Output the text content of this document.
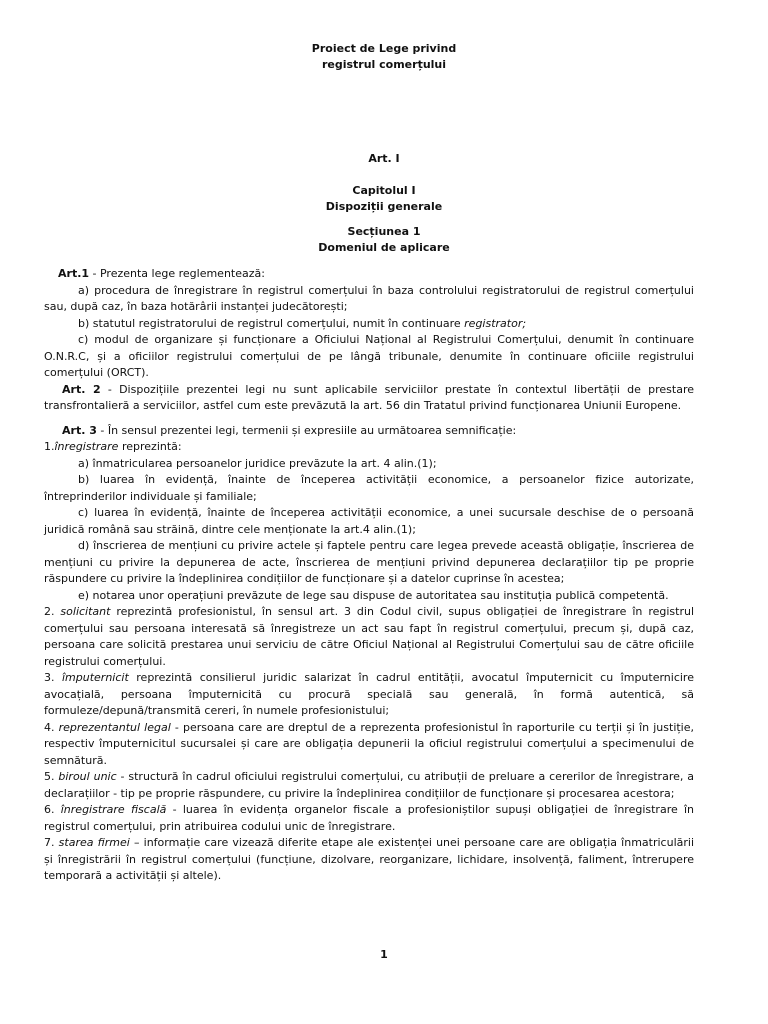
Proiect de Lege privind

registrul comerțului

Art. I

Capitolul I

Dispoziții generale

Secțiunea 1

Domeniul de aplicare

Art.1 - Prezenta lege reglementează:

a) procedura de înregistrare în registrul comerțului în baza controlului registratorului de registrul comerțului sau, după caz, în baza hotărârii instanței judecătorești;

b) statutul registratorului de registrul comerțului, numit în continuare registrator;

c) modul de organizare și funcționare a Oficiului Național al Registrului Comerțului, denumit în continuare O.N.R.C, și a oficiilor registrului comerțului de pe lângă tribunale, denumite în continuare oficiile registrului comerțului (ORCT).

Art. 2 - Dispozițiile prezentei legi nu sunt aplicabile serviciilor prestate în contextul libertății de prestare transfrontalieră a serviciilor, astfel cum este prevăzută la art. 56 din Tratatul privind funcționarea Uniunii Europene.

Art. 3 - În sensul prezentei legi, termenii și expresiile au următoarea semnificație:

1.înregistrare reprezintă:

a) înmatricularea persoanelor juridice prevăzute la art. 4 alin.(1);

b) luarea în evidență, înainte de începerea activității economice, a persoanelor fizice autorizate, întreprinderilor individuale și familiale;

c) luarea în evidență, înainte de începerea activității economice, a unei sucursale deschise de o persoană juridică română sau străină, dintre cele menționate la art.4 alin.(1);

d) înscrierea de mențiuni cu privire actele și faptele pentru care legea prevede această obligație, înscrierea de mențiuni cu privire la depunerea de acte, înscrierea de mențiuni privind depunerea declarațiilor tip pe proprie răspundere cu privire la îndeplinirea condițiilor de funcționare și a datelor cuprinse în acestea;

e) notarea unor operațiuni prevăzute de lege sau dispuse de autoritatea sau instituția publică competentă.

2. solicitant reprezintă profesionistul, în sensul art. 3 din Codul civil, supus obligației de înregistrare în registrul comerțului sau persoana interesată să înregistreze un act sau fapt în registrul comerțului, precum și, după caz, persoana care solicită prestarea unui serviciu de către Oficiul Național al Registrului Comerțului sau de către oficiile registrului comerțului.

3. împuternicit reprezintă consilierul juridic salarizat în cadrul entității, avocatul împuternicit cu împuternicire avocațială, persoana împuternicită cu procură specială sau generală, în formă autentică, să formuleze/depună/transmită cereri, în numele profesionistului;

4. reprezentantul legal - persoana care are dreptul de a reprezenta profesionistul în raporturile cu terții și în justiție, respectiv împuternicitul sucursalei și care are obligația depunerii la oficiul registrului comerțului a specimenului de semnătură.

5. biroul unic - structură în cadrul oficiului registrului comerțului, cu atribuții de preluare a cererilor de înregistrare, a declarațiilor - tip pe proprie răspundere, cu privire la îndeplinirea condițiilor de funcționare și procesarea acestora;

6. înregistrare fiscală - luarea în evidența organelor fiscale a profesioniștilor supuși obligației de înregistrare în registrul comerțului, prin atribuirea codului unic de înregistrare.

7. starea firmei – informație care vizează diferite etape ale existenței unei persoane care are obligația înmatriculării și înregistrării în registrul comerțului (funcțiune, dizolvare, reorganizare, lichidare, insolvență, faliment, întrerupere temporară a activității și altele).

1
